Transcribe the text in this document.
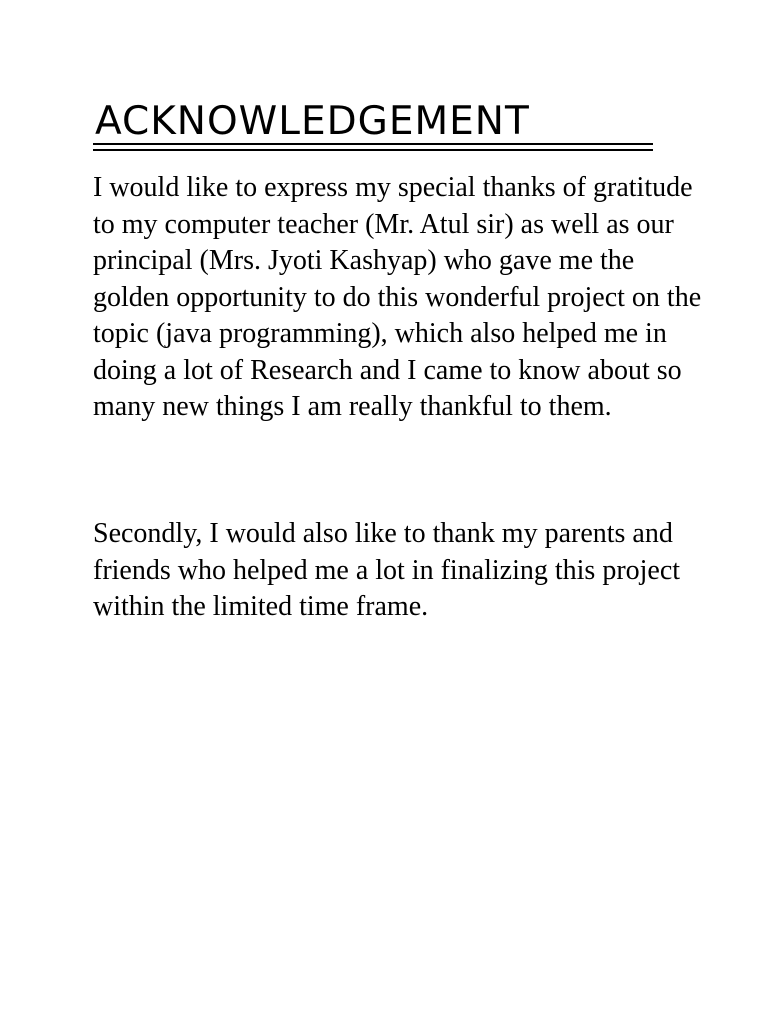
ACKNOWLEDGEMENT

I would like to express my special thanks of gratitude to my computer teacher (Mr. Atul sir) as well as our principal (Mrs. Jyoti Kashyap) who gave me the golden opportunity to do this wonderful project on the topic (java programming), which also helped me in doing a lot of Research and I came to know about so many new things I am really thankful to them.

Secondly, I would also like to thank my parents and friends who helped me a lot in finalizing this project within the limited time frame.
